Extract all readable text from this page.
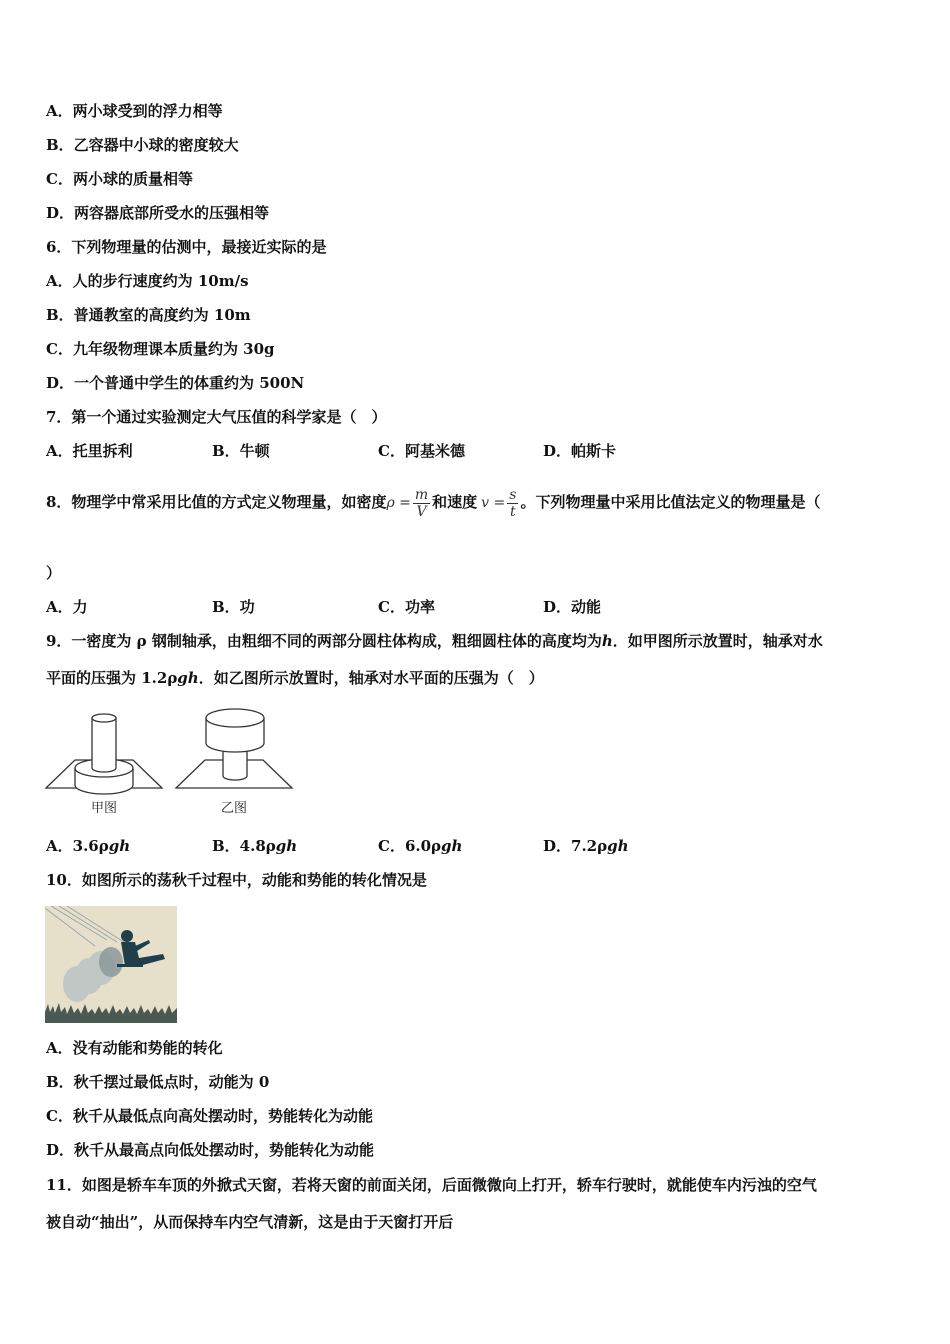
A．两小球受到的浮力相等
B．乙容器中小球的密度较大
C．两小球的质量相等
D．两容器底部所受水的压强相等
6．下列物理量的估测中，最接近实际的是
A．人的步行速度约为 10m/s
B．普通教室的高度约为 10m
C．九年级物理课本质量约为 30g
D．一个普通中学生的体重约为 500N
7．第一个通过实验测定大气压值的科学家是（　）
A．托里拆利	B．牛顿	C．阿基米德	D．帕斯卡
8．物理学中常采用比值的方式定义物理量，如密度$\rho = \frac{m}{V}$ 和速度 $v = \frac{s}{t}$ 。下列物理量中采用比值法定义的物理量是（
）
A．力	B．功	C．功率	D．动能
9．一密度为 ρ 钢制轴承，由粗细不同的两部分圆柱体构成，粗细圆柱体的高度均为h．如甲图所示放置时，轴承对水
平面的压强为 1.2ρgh．如乙图所示放置时，轴承对水平面的压强为（　）
甲图	乙图
A．3.6ρgh	B．4.8ρgh	C．6.0ρgh	D．7.2ρgh
10．如图所示的荡秋千过程中，动能和势能的转化情况是
A．没有动能和势能的转化
B．秋千摆过最低点时，动能为 0
C．秋千从最低点向高处摆动时，势能转化为动能
D．秋千从最高点向低处摆动时，势能转化为动能
11．如图是轿车车顶的外掀式天窗，若将天窗的前面关闭，后面微微向上打开，轿车行驶时，就能使车内污浊的空气
被自动“抽出”，从而保持车内空气清新，这是由于天窗打开后
